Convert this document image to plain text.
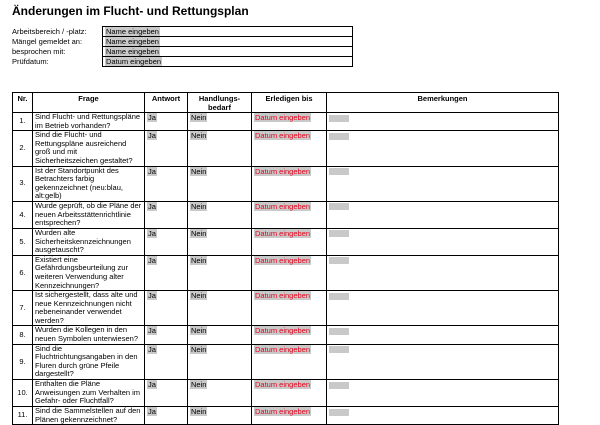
Änderungen im Flucht- und Rettungsplan
Arbeitsbereich / -platz:	Name eingeben
Mängel gemeldet an:	Name eingeben
besprochen mit:	Name eingeben
Prüfdatum:	Datum eingeben
Nr.	Frage	Antwort	Handlungs-bedarf	Erledigen bis	Bemerkungen
1.	Sind Flucht- und Rettungspläne im Betrieb vorhanden?	Ja	Nein	Datum eingeben	

2.	Sind die Flucht- und Rettungspläne ausreichend groß und mit Sicherheitszeichen gestaltet?	Ja	Nein	Datum eingeben	

3.	Ist der Standortpunkt des Betrachters farbig gekennzeichnet (neu:blau, alt:gelb)	Ja	Nein	Datum eingeben	

4.	Wurde geprüft, ob die Pläne der neuen Arbeitsstättenrichtlinie entsprechen?	Ja	Nein	Datum eingeben	

5.	Wurden alte Sicherheitskennzeichnungen ausgetauscht?	Ja	Nein	Datum eingeben	

6.	Existiert eine Gefährdungsbeurteilung zur weiteren Verwendung alter Kennzeichnungen?	Ja	Nein	Datum eingeben	

7.	Ist sichergestellt, dass alte und neue Kennzeichnungen nicht nebeneinander verwendet werden?	Ja	Nein	Datum eingeben	

8.	Wurden die Kollegen in den neuen Symbolen unterwiesen?	Ja	Nein	Datum eingeben	

9.	Sind die Fluchtrichtungsangaben in den Fluren durch grüne Pfeile dargestellt?	Ja	Nein	Datum eingeben	

10.	Enthalten die Pläne Anweisungen zum Verhalten im Gefahr- oder Fluchtfall?	Ja	Nein	Datum eingeben	

11.	Sind die Sammelstellen auf den Plänen gekennzeichnet?	Ja	Nein	Datum eingeben	
